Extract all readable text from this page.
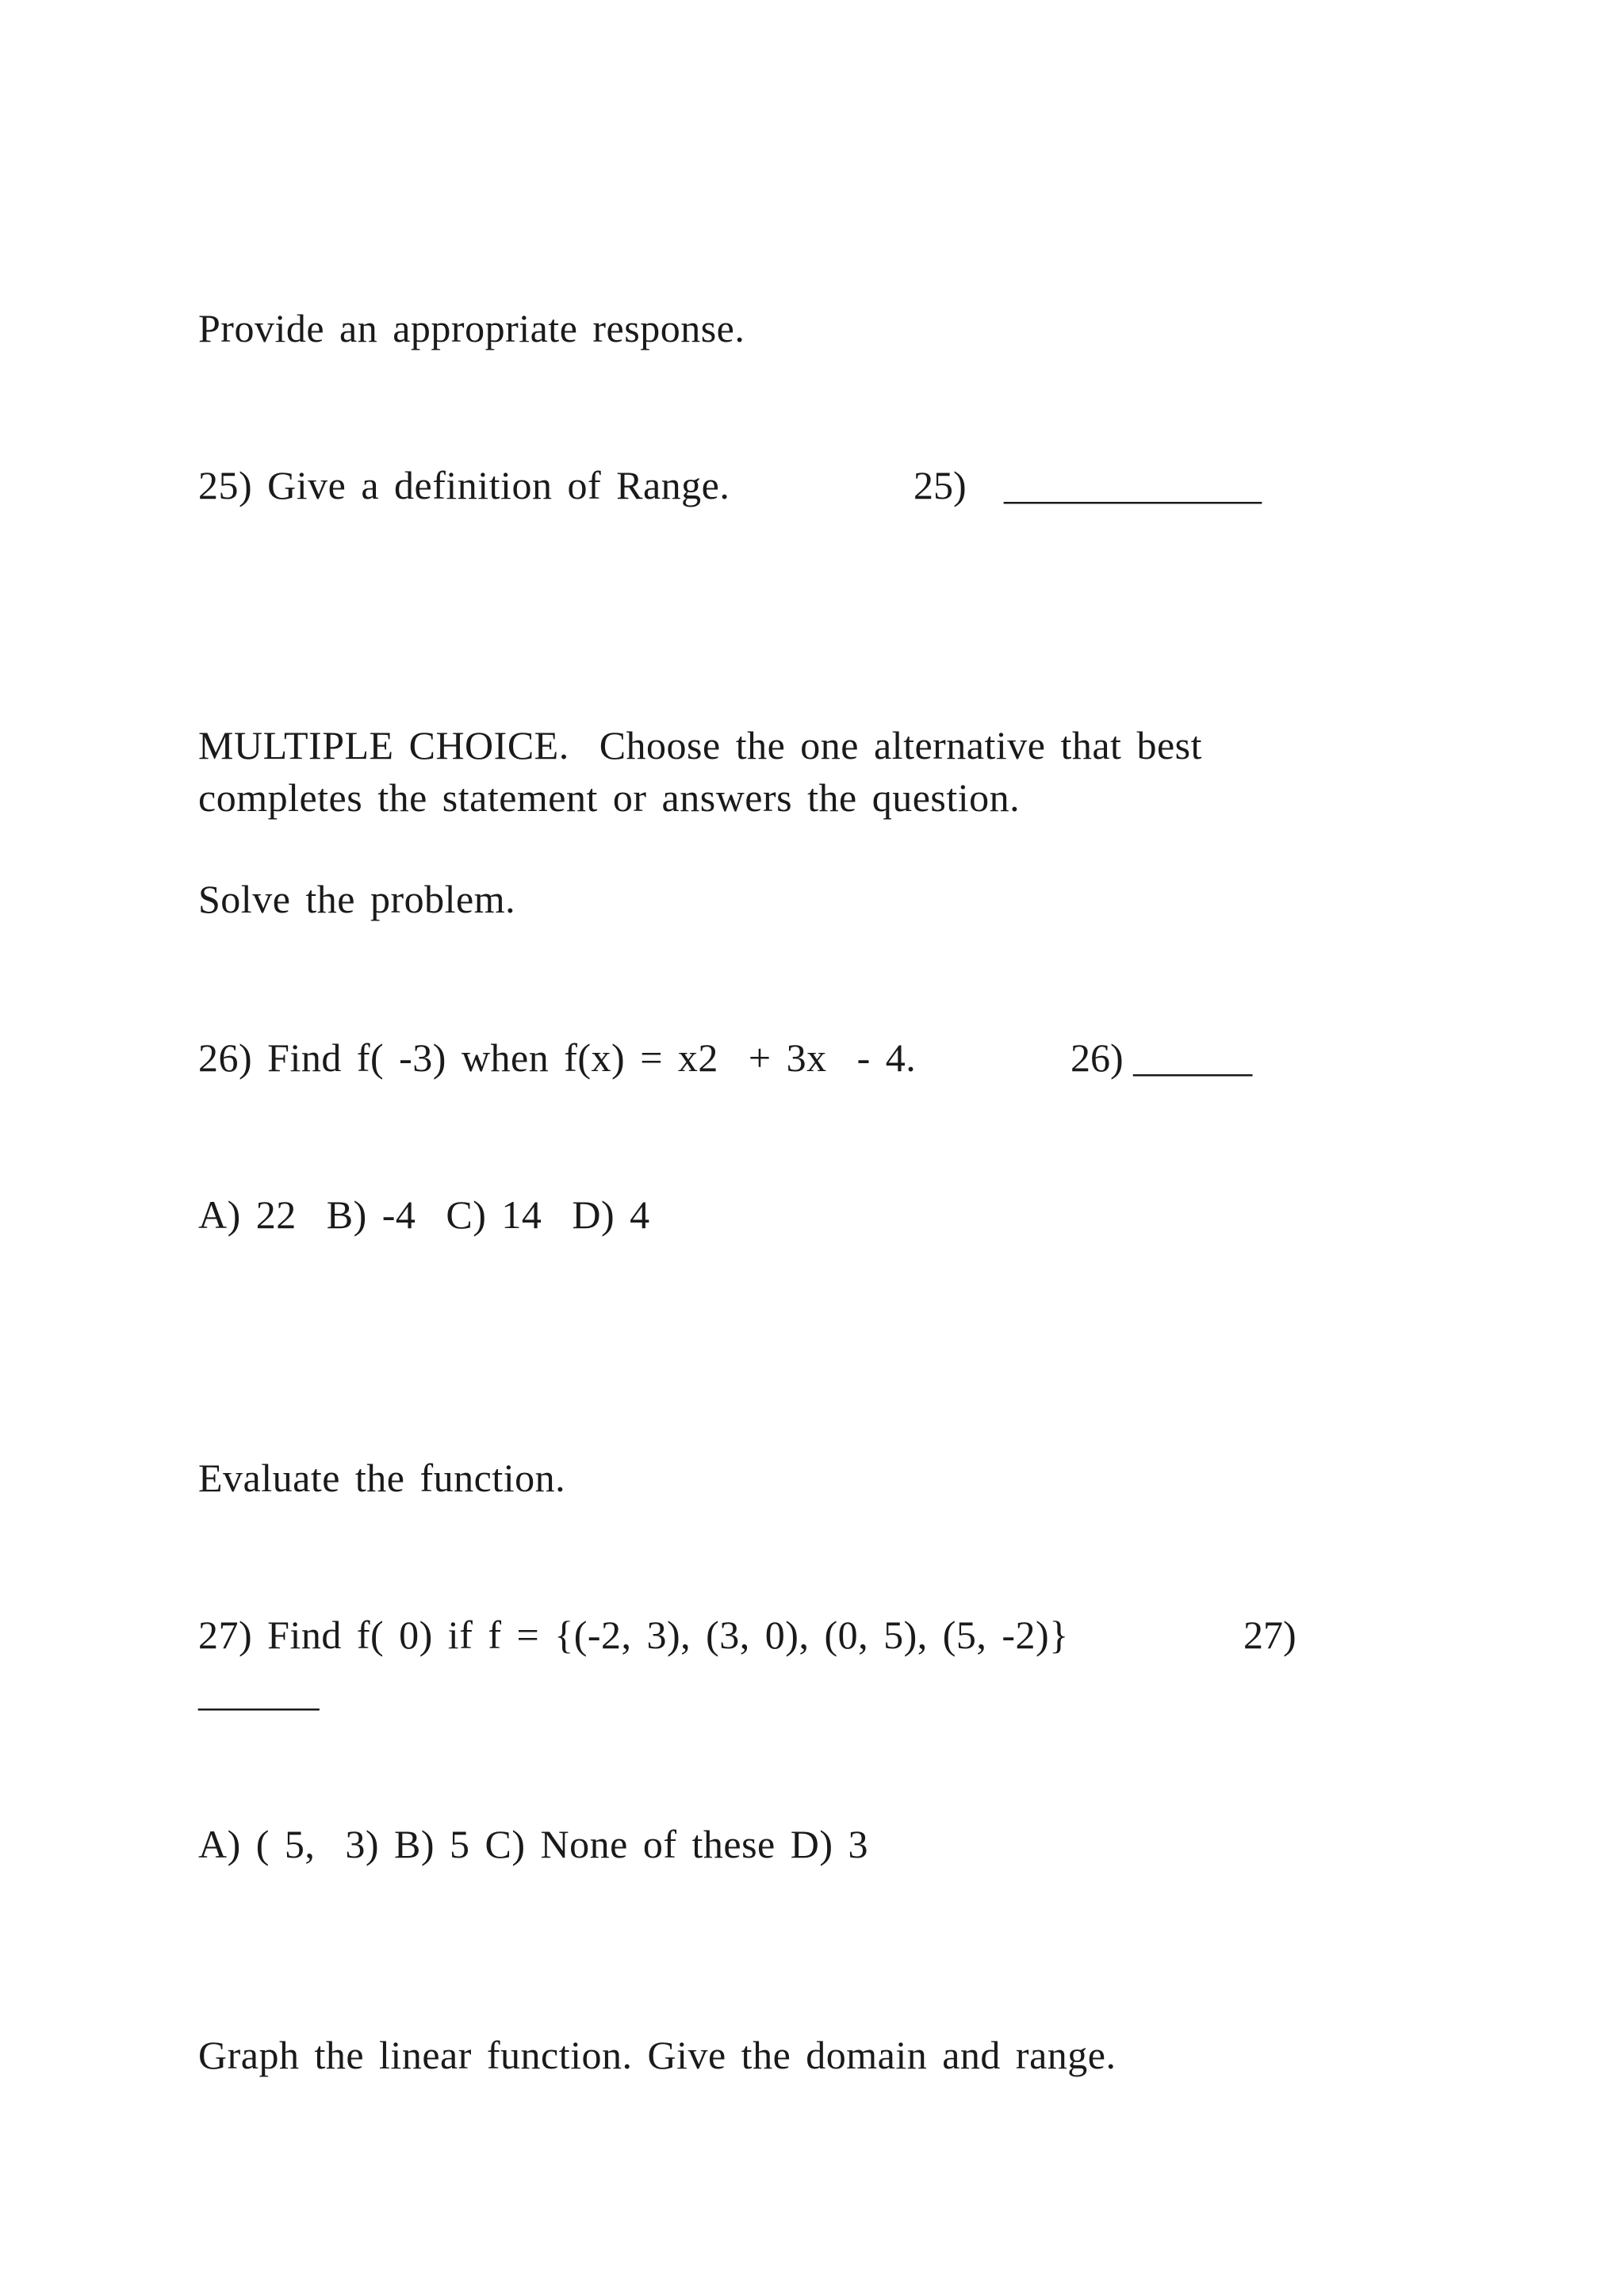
Provide an appropriate response.
25) Give a definition of Range.	25) _____________
MULTIPLE CHOICE.  Choose the one alternative that best
completes the statement or answers the question.
Solve the problem.
26) Find f( -3) when f(x) = x2  + 3x  - 4.	26) ______
A) 22  B) -4  C) 14  D) 4
Evaluate the function.
27) Find f( 0) if f = {(-2, 3), (3, 0), (0, 5), (5, -2)}	27)
______
A) ( 5,  3) B) 5 C) None of these D) 3
Graph the linear function. Give the domain and range.
